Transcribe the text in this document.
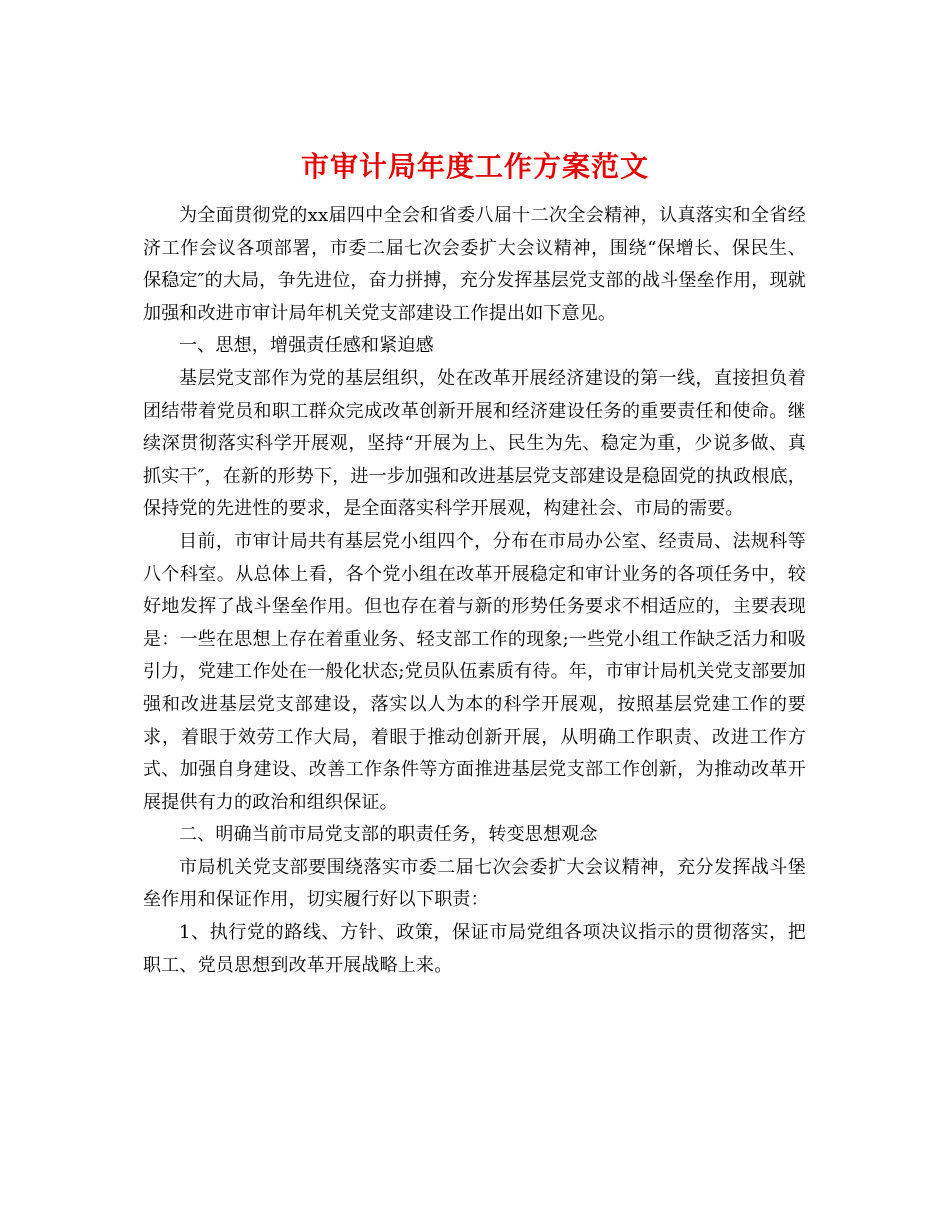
市审计局年度工作方案范文

为全面贯彻党的xx届四中全会和省委八届十二次全会精神，认真落实和全省经济工作会议各项部署，市委二届七次会委扩大会议精神，围绕“保增长、保民生、保稳定″的大局，争先进位，奋力拼搏，充分发挥基层党支部的战斗堡垒作用，现就加强和改进市审计局年机关党支部建设工作提出如下意见。

一、思想，增强责任感和紧迫感

基层党支部作为党的基层组织，处在改革开展经济建设的第一线，直接担负着团结带着党员和职工群众完成改革创新开展和经济建设任务的重要责任和使命。继续深贯彻落实科学开展观，坚持“开展为上、民生为先、稳定为重，少说多做、真抓实干″，在新的形势下，进一步加强和改进基层党支部建设是稳固党的执政根底，保持党的先进性的要求，是全面落实科学开展观，构建社会、市局的需要。

目前，市审计局共有基层党小组四个，分布在市局办公室、经责局、法规科等八个科室。从总体上看，各个党小组在改革开展稳定和审计业务的各项任务中，较好地发挥了战斗堡垒作用。但也存在着与新的形势任务要求不相适应的，主要表现是：一些在思想上存在着重业务、轻支部工作的现象;一些党小组工作缺乏活力和吸引力，党建工作处在一般化状态;党员队伍素质有待。年，市审计局机关党支部要加强和改进基层党支部建设，落实以人为本的科学开展观，按照基层党建工作的要求，着眼于效劳工作大局，着眼于推动创新开展，从明确工作职责、改进工作方式、加强自身建设、改善工作条件等方面推进基层党支部工作创新，为推动改革开展提供有力的政治和组织保证。

二、明确当前市局党支部的职责任务，转变思想观念

市局机关党支部要围绕落实市委二届七次会委扩大会议精神，充分发挥战斗堡垒作用和保证作用，切实履行好以下职责：

1、执行党的路线、方针、政策，保证市局党组各项决议指示的贯彻落实，把职工、党员思想到改革开展战略上来。
